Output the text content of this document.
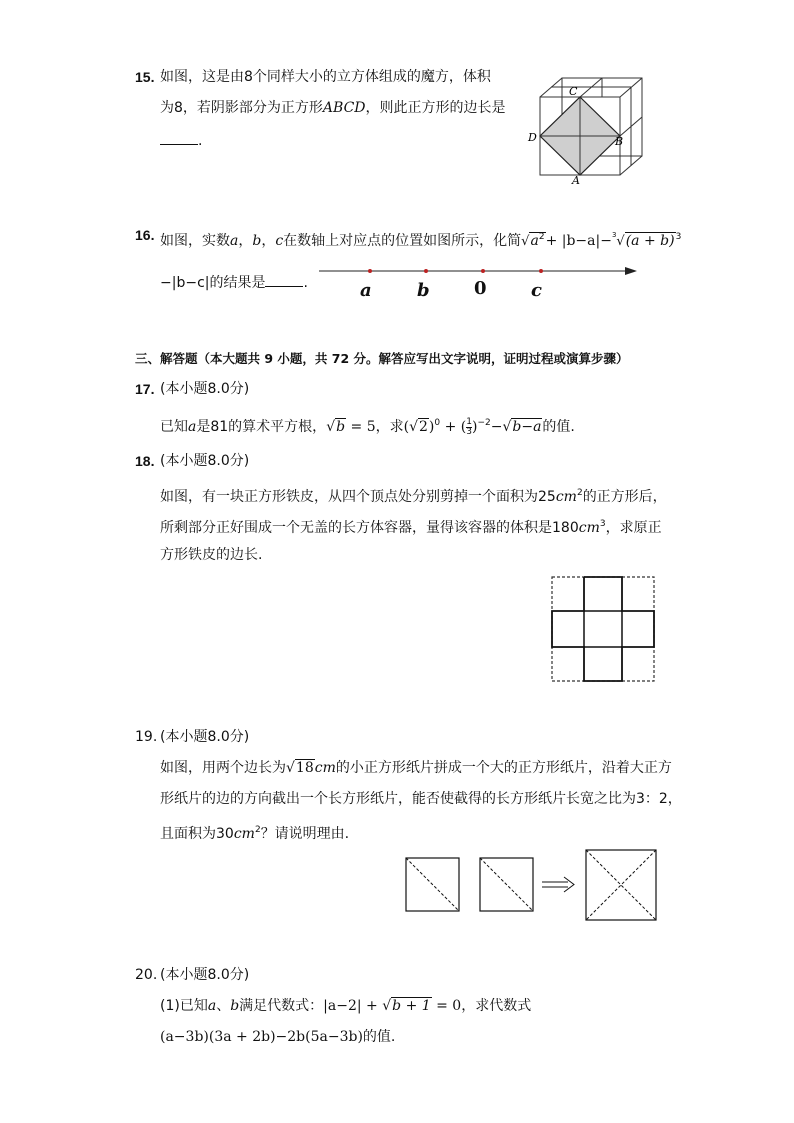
15. 如图，这是由8个同样大小的立方体组成的魔方，体积
为8，若阴影部分为正方形ABCD，则此正方形的边长是
.
C
D	B
A
16. 如图，实数a，b，c在数轴上对应点的位置如图所示，化简$√a^2+ |b-a|-^3√(a + b)^3$
−|b−c|的结果是	.	a	b 0 c
三、解答题（本大题共 9 小题，共 72 分。解答应写出文字说明，证明过程或演算步骤）
17. (本小题8.0分)
已知a是81的算术平方根，√b = 5，求$(√2)^0$ + ( $\frac{1}{3} )^{-2}-√b-a$的值.
18. (本小题8.0分)
如图，有一块正方形铁皮，从四个顶点处分别剪掉一个面积为$25cm^2$的正方形后，
所剩部分正好围成一个无盖的长方体容器，量得该容器的体积是$180cm^3$，求原正
方形铁皮的边长.
19. (本小题8.0分)
如图，用两个边长为√18cm的小正方形纸片拼成一个大的正方形纸片，沿着大正方
形纸片的边的方向截出一个长方形纸片，能否使截得的长方形纸片长宽之比为3：2，
且面积为$30cm^2$？请说明理由.
20. (本小题8.0分)
(1)已知a、b满足代数式：|a−2| + √b + 1 = 0，求代数式
(a−3b)(3a + 2b)−2b(5a−3b)的值.
